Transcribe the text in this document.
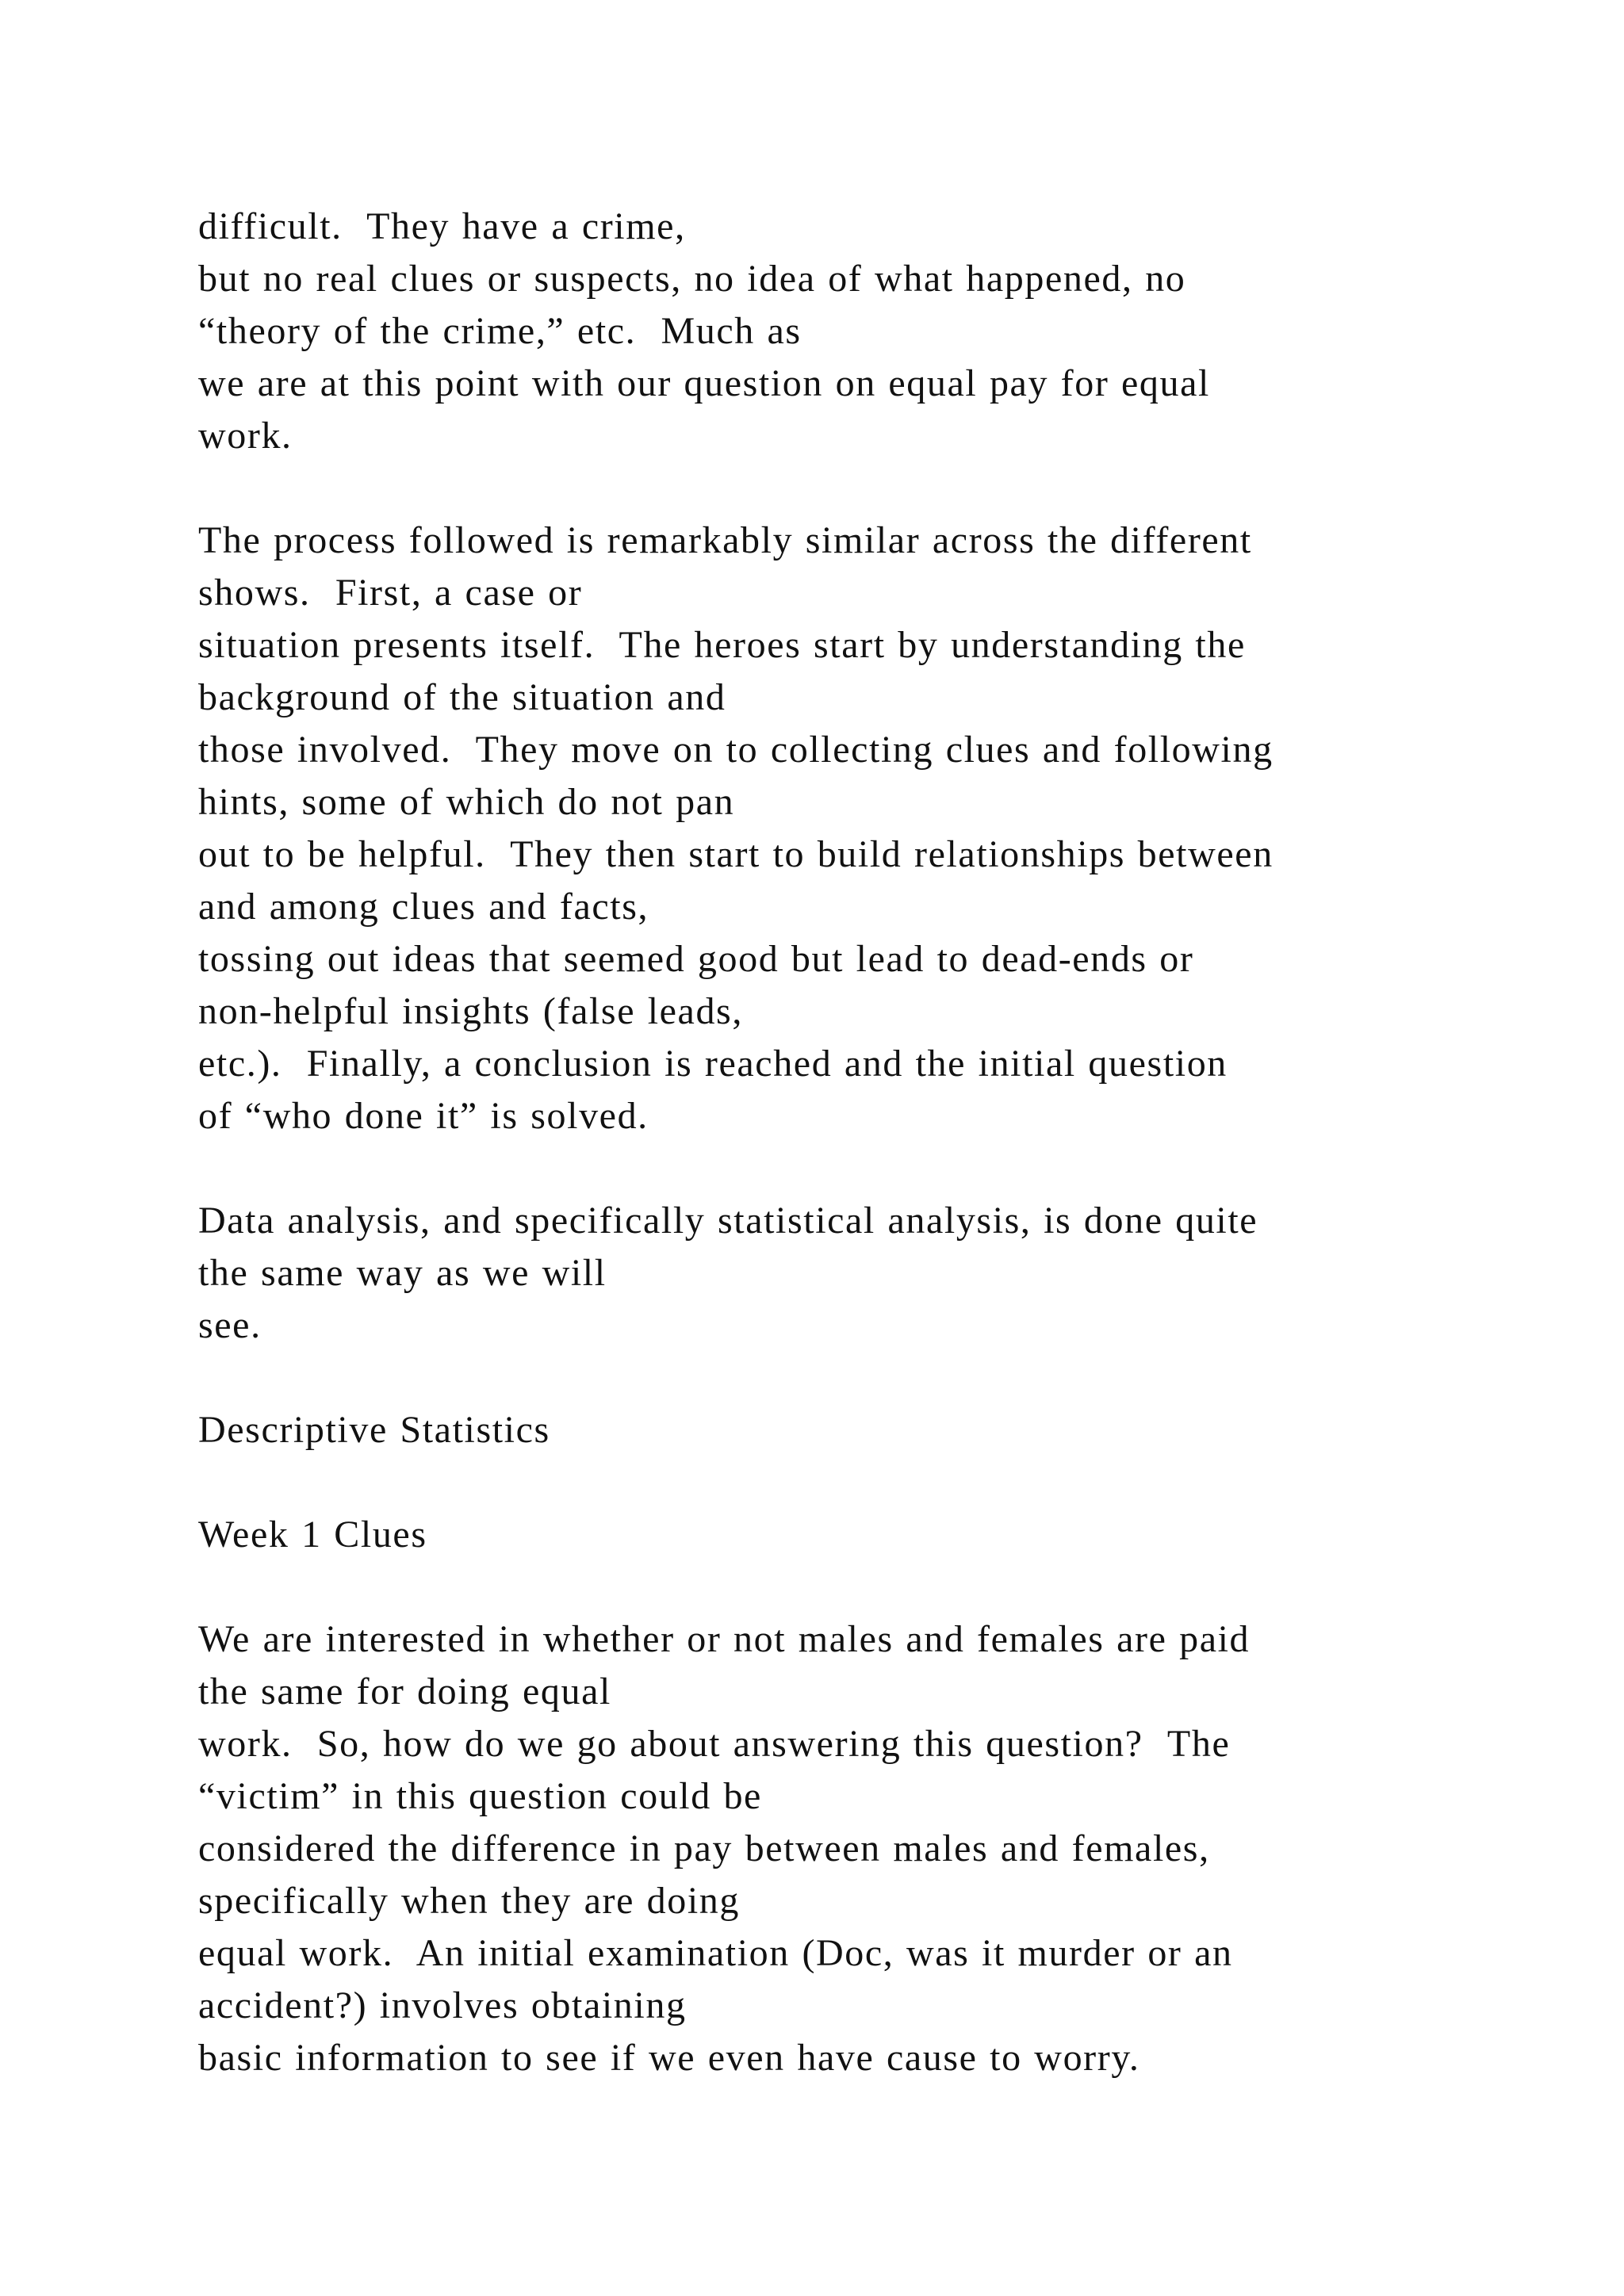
difficult.  They have a crime,
but no real clues or suspects, no idea of what happened, no
“theory of the crime,” etc.  Much as
we are at this point with our question on equal pay for equal
work.
The process followed is remarkably similar across the different
shows.  First, a case or
situation presents itself.  The heroes start by understanding the
background of the situation and
those involved.  They move on to collecting clues and following
hints, some of which do not pan
out to be helpful.  They then start to build relationships between
and among clues and facts,
tossing out ideas that seemed good but lead to dead-ends or
non-helpful insights (false leads,
etc.).  Finally, a conclusion is reached and the initial question
of “who done it” is solved.
Data analysis, and specifically statistical analysis, is done quite
the same way as we will
see.
Descriptive Statistics
Week 1 Clues
We are interested in whether or not males and females are paid
the same for doing equal
work.  So, how do we go about answering this question?  The
“victim” in this question could be
considered the difference in pay between males and females,
specifically when they are doing
equal work.  An initial examination (Doc, was it murder or an
accident?) involves obtaining
basic information to see if we even have cause to worry.
